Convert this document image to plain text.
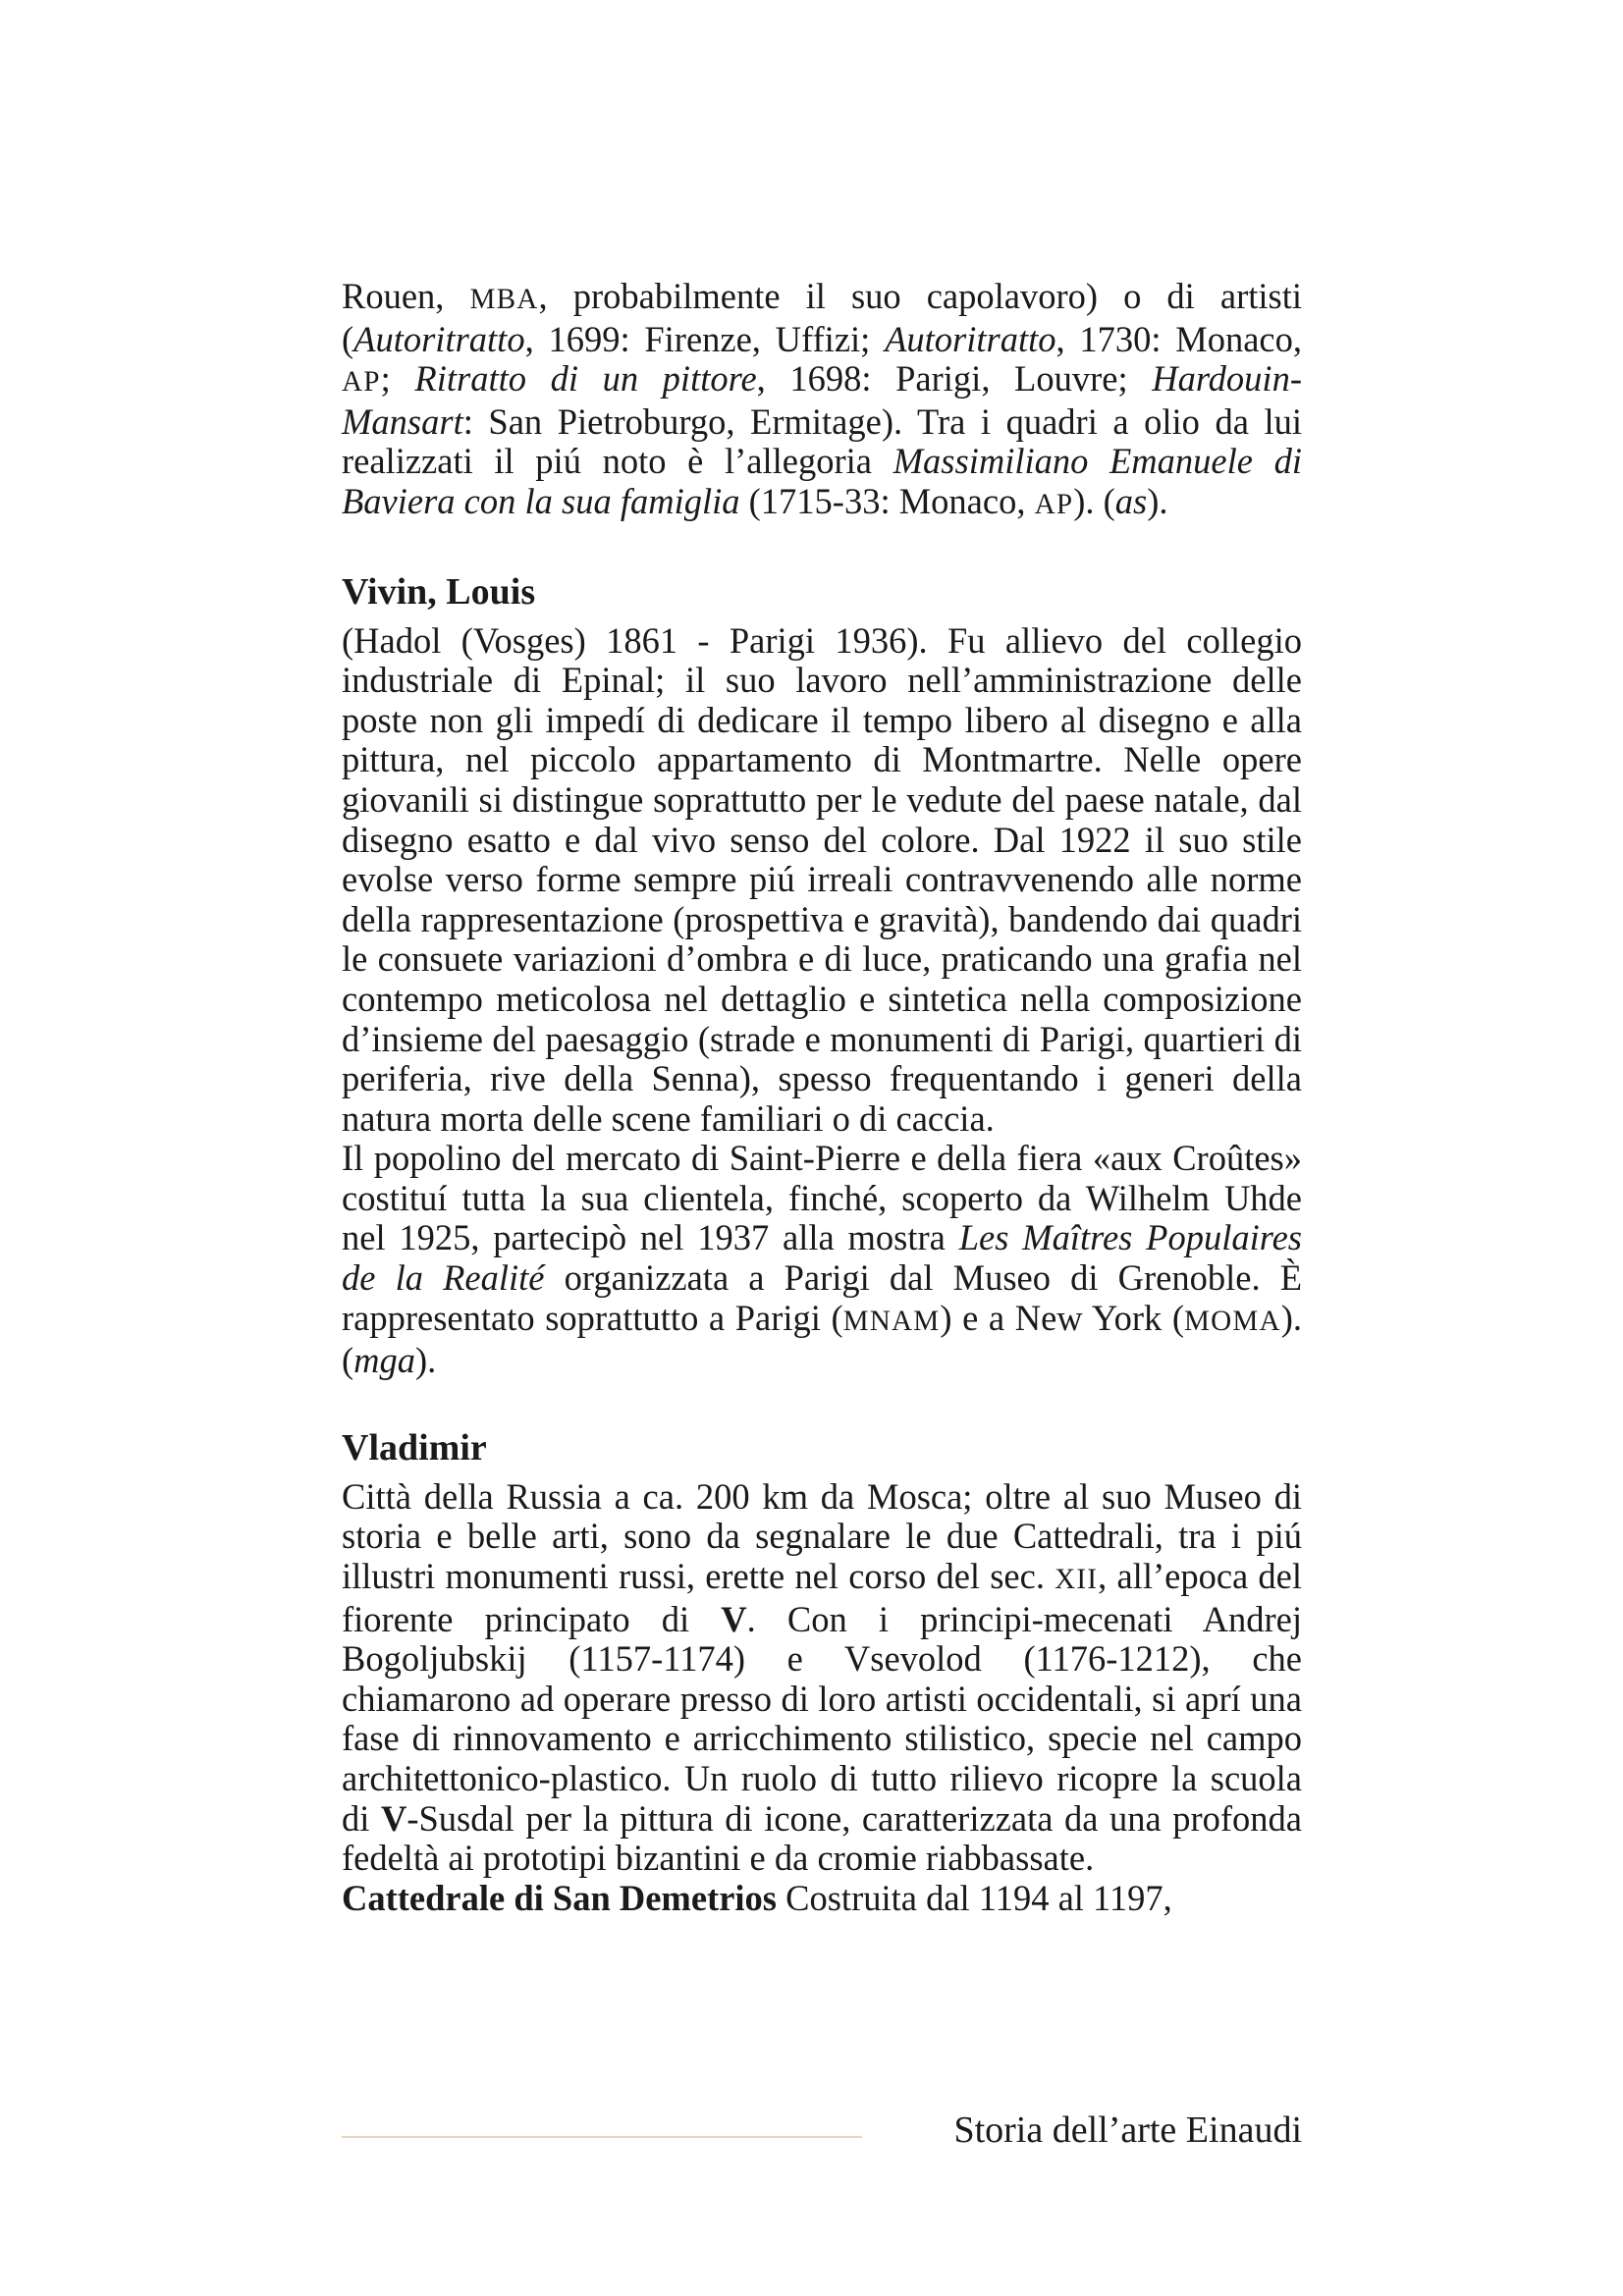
Rouen, MBA, probabilmente il suo capolavoro) o di artisti (Autoritratto, 1699: Firenze, Uffizi; Autoritratto, 1730: Monaco, AP; Ritratto di un pittore, 1698: Parigi, Louvre; Hardouin-Mansart: San Pietroburgo, Ermitage). Tra i quadri a olio da lui realizzati il piú noto è l’allegoria Massimiliano Emanuele di Baviera con la sua famiglia (1715-33: Monaco, AP). (as).

Vivin, Louis

(Hadol (Vosges) 1861 - Parigi 1936). Fu allievo del collegio industriale di Epinal; il suo lavoro nell’amministrazione delle poste non gli impedí di dedicare il tempo libero al disegno e alla pittura, nel piccolo appartamento di Montmartre. Nelle opere giovanili si distingue soprattutto per le vedute del paese natale, dal disegno esatto e dal vivo senso del colore. Dal 1922 il suo stile evolse verso forme sempre piú irreali contravvenendo alle norme della rappresentazione (prospettiva e gravità), bandendo dai quadri le consuete variazioni d’ombra e di luce, praticando una grafia nel contempo meticolosa nel dettaglio e sintetica nella composizione d’insieme del paesaggio (strade e monumenti di Parigi, quartieri di periferia, rive della Senna), spesso frequentando i generi della natura morta delle scene familiari o di caccia.

Il popolino del mercato di Saint-Pierre e della fiera «aux Croûtes» costituí tutta la sua clientela, finché, scoperto da Wilhelm Uhde nel 1925, partecipò nel 1937 alla mostra Les Maîtres Populaires de la Realité organizzata a Parigi dal Museo di Grenoble. È rappresentato soprattutto a Parigi (MNAM) e a New York (MOMA). (mga).

Vladimir

Città della Russia a ca. 200 km da Mosca; oltre al suo Museo di storia e belle arti, sono da segnalare le due Cattedrali, tra i piú illustri monumenti russi, erette nel corso del sec. XII, all’epoca del fiorente principato di V. Con i principi-mecenati Andrej Bogoljubskij (1157-1174) e Vsevolod (1176-1212), che chiamarono ad operare presso di loro artisti occidentali, si aprí una fase di rinnovamento e arricchimento stilistico, specie nel campo architettonico-plastico. Un ruolo di tutto rilievo ricopre la scuola di V-Susdal per la pittura di icone, caratterizzata da una profonda fedeltà ai prototipi bizantini e da cromie riabbassate.

Cattedrale di San Demetrios Costruita dal 1194 al 1197,

Storia dell’arte Einaudi
